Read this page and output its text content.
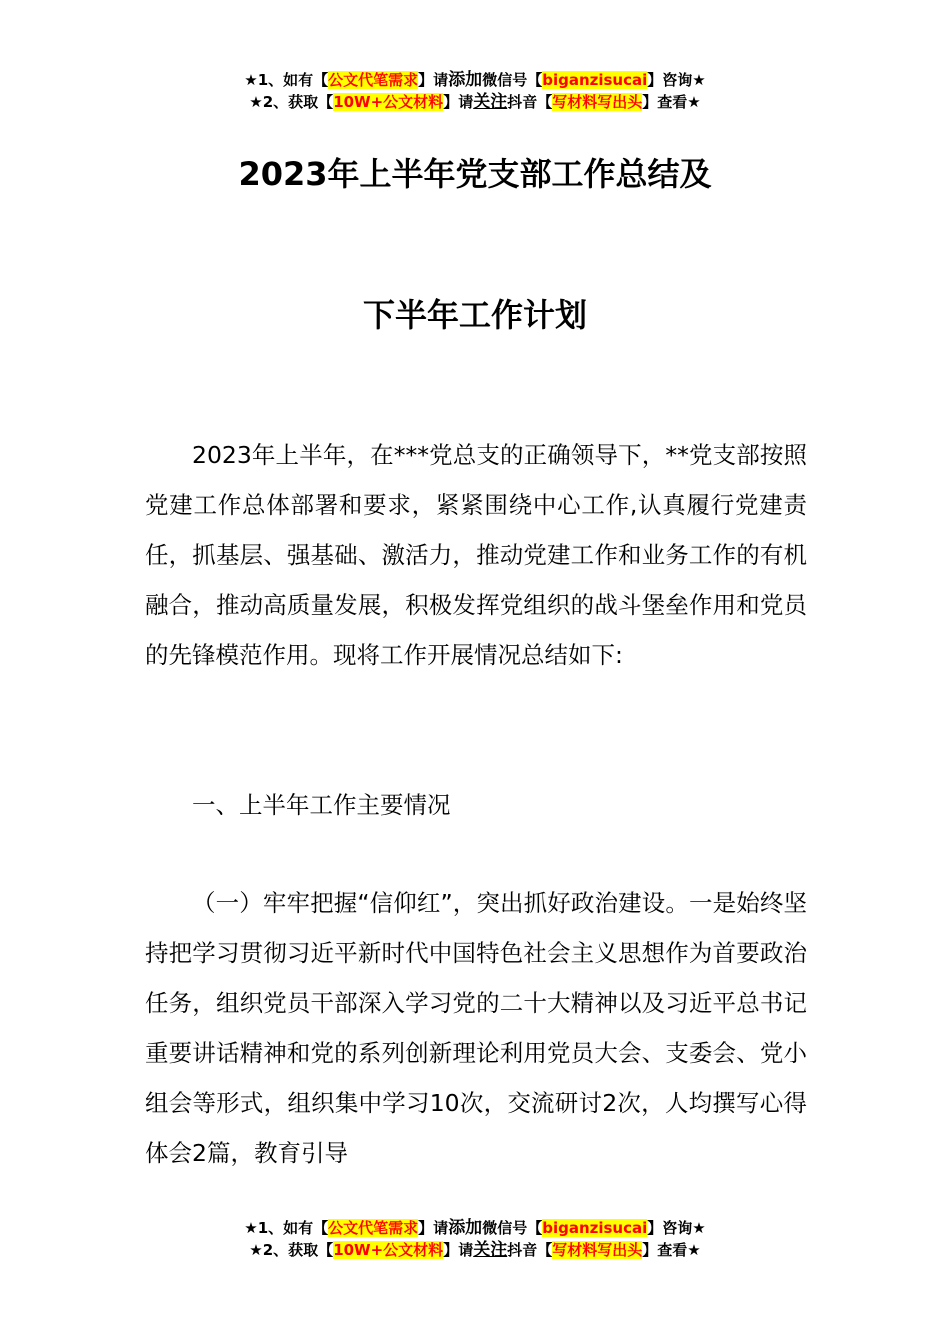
★1、如有【公文代笔需求】请添加微信号【biganzisucai】咨询★
★2、获取【10W+公文材料】请关注抖音【写材料写出头】查看★
2023年上半年党支部工作总结及
下半年工作计划

2023年上半年，在***党总支的正确领导下，**党支部按照党建工作总体部署和要求，紧紧围绕中心工作,认真履行党建责任，抓基层、强基础、激活力，推动党建工作和业务工作的有机融合，推动高质量发展，积极发挥党组织的战斗堡垒作用和党员的先锋模范作用。现将工作开展情况总结如下:

一、上半年工作主要情况

（一）牢牢把握“信仰红”，突出抓好政治建设。一是始终坚持把学习贯彻习近平新时代中国特色社会主义思想作为首要政治任务，组织党员干部深入学习党的二十大精神以及习近平总书记重要讲话精神和党的系列创新理论利用党员大会、支委会、党小组会等形式，组织集中学习10次，交流研讨2次，人均撰写心得体会2篇，教育引导

★1、如有【公文代笔需求】请添加微信号【biganzisucai】咨询★
★2、获取【10W+公文材料】请关注抖音【写材料写出头】查看★
